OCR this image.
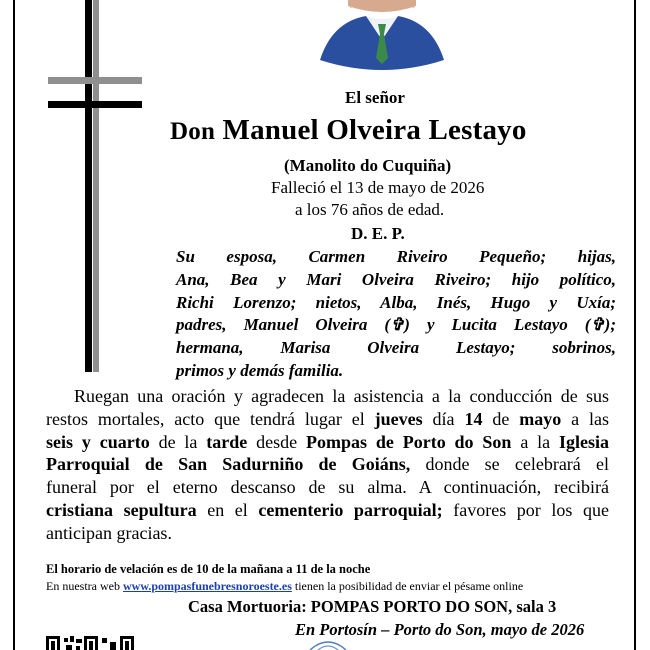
El señor
Don Manuel Olveira Lestayo
(Manolito do Cuquiña)
Falleció el 13 de mayo de 2026
a los 76 años de edad.
D. E. P.
Su esposa, Carmen Riveiro Pequeño; hijas,
Ana, Bea y Mari Olveira Riveiro; hijo político,
Richi Lorenzo; nietos, Alba, Inés, Hugo y Uxía;
padres, Manuel Olveira (✞) y Lucita Lestayo (✞);
hermana, Marisa Olveira Lestayo; sobrinos,
primos y demás familia.
Ruegan una oración y agradecen la asistencia a la conducción de sus
restos mortales, acto que tendrá lugar el jueves día 14 de mayo a las
seis y cuarto de la tarde desde Pompas de Porto do Son a la Iglesia
Parroquial de San Sadurniño de Goiáns, donde se celebrará el
funeral por el eterno descanso de su alma. A continuación, recibirá
cristiana sepultura en el cementerio parroquial; favores por los que
anticipan gracias.
El horario de velación es de 10 de la mañana a 11 de la noche
En nuestra web www.pompasfunebresnoroeste.es tienen la posibilidad de enviar el pésame online
Casa Mortuoria: POMPAS PORTO DO SON, sala 3
En Portosín – Porto do Son, mayo de 2026
